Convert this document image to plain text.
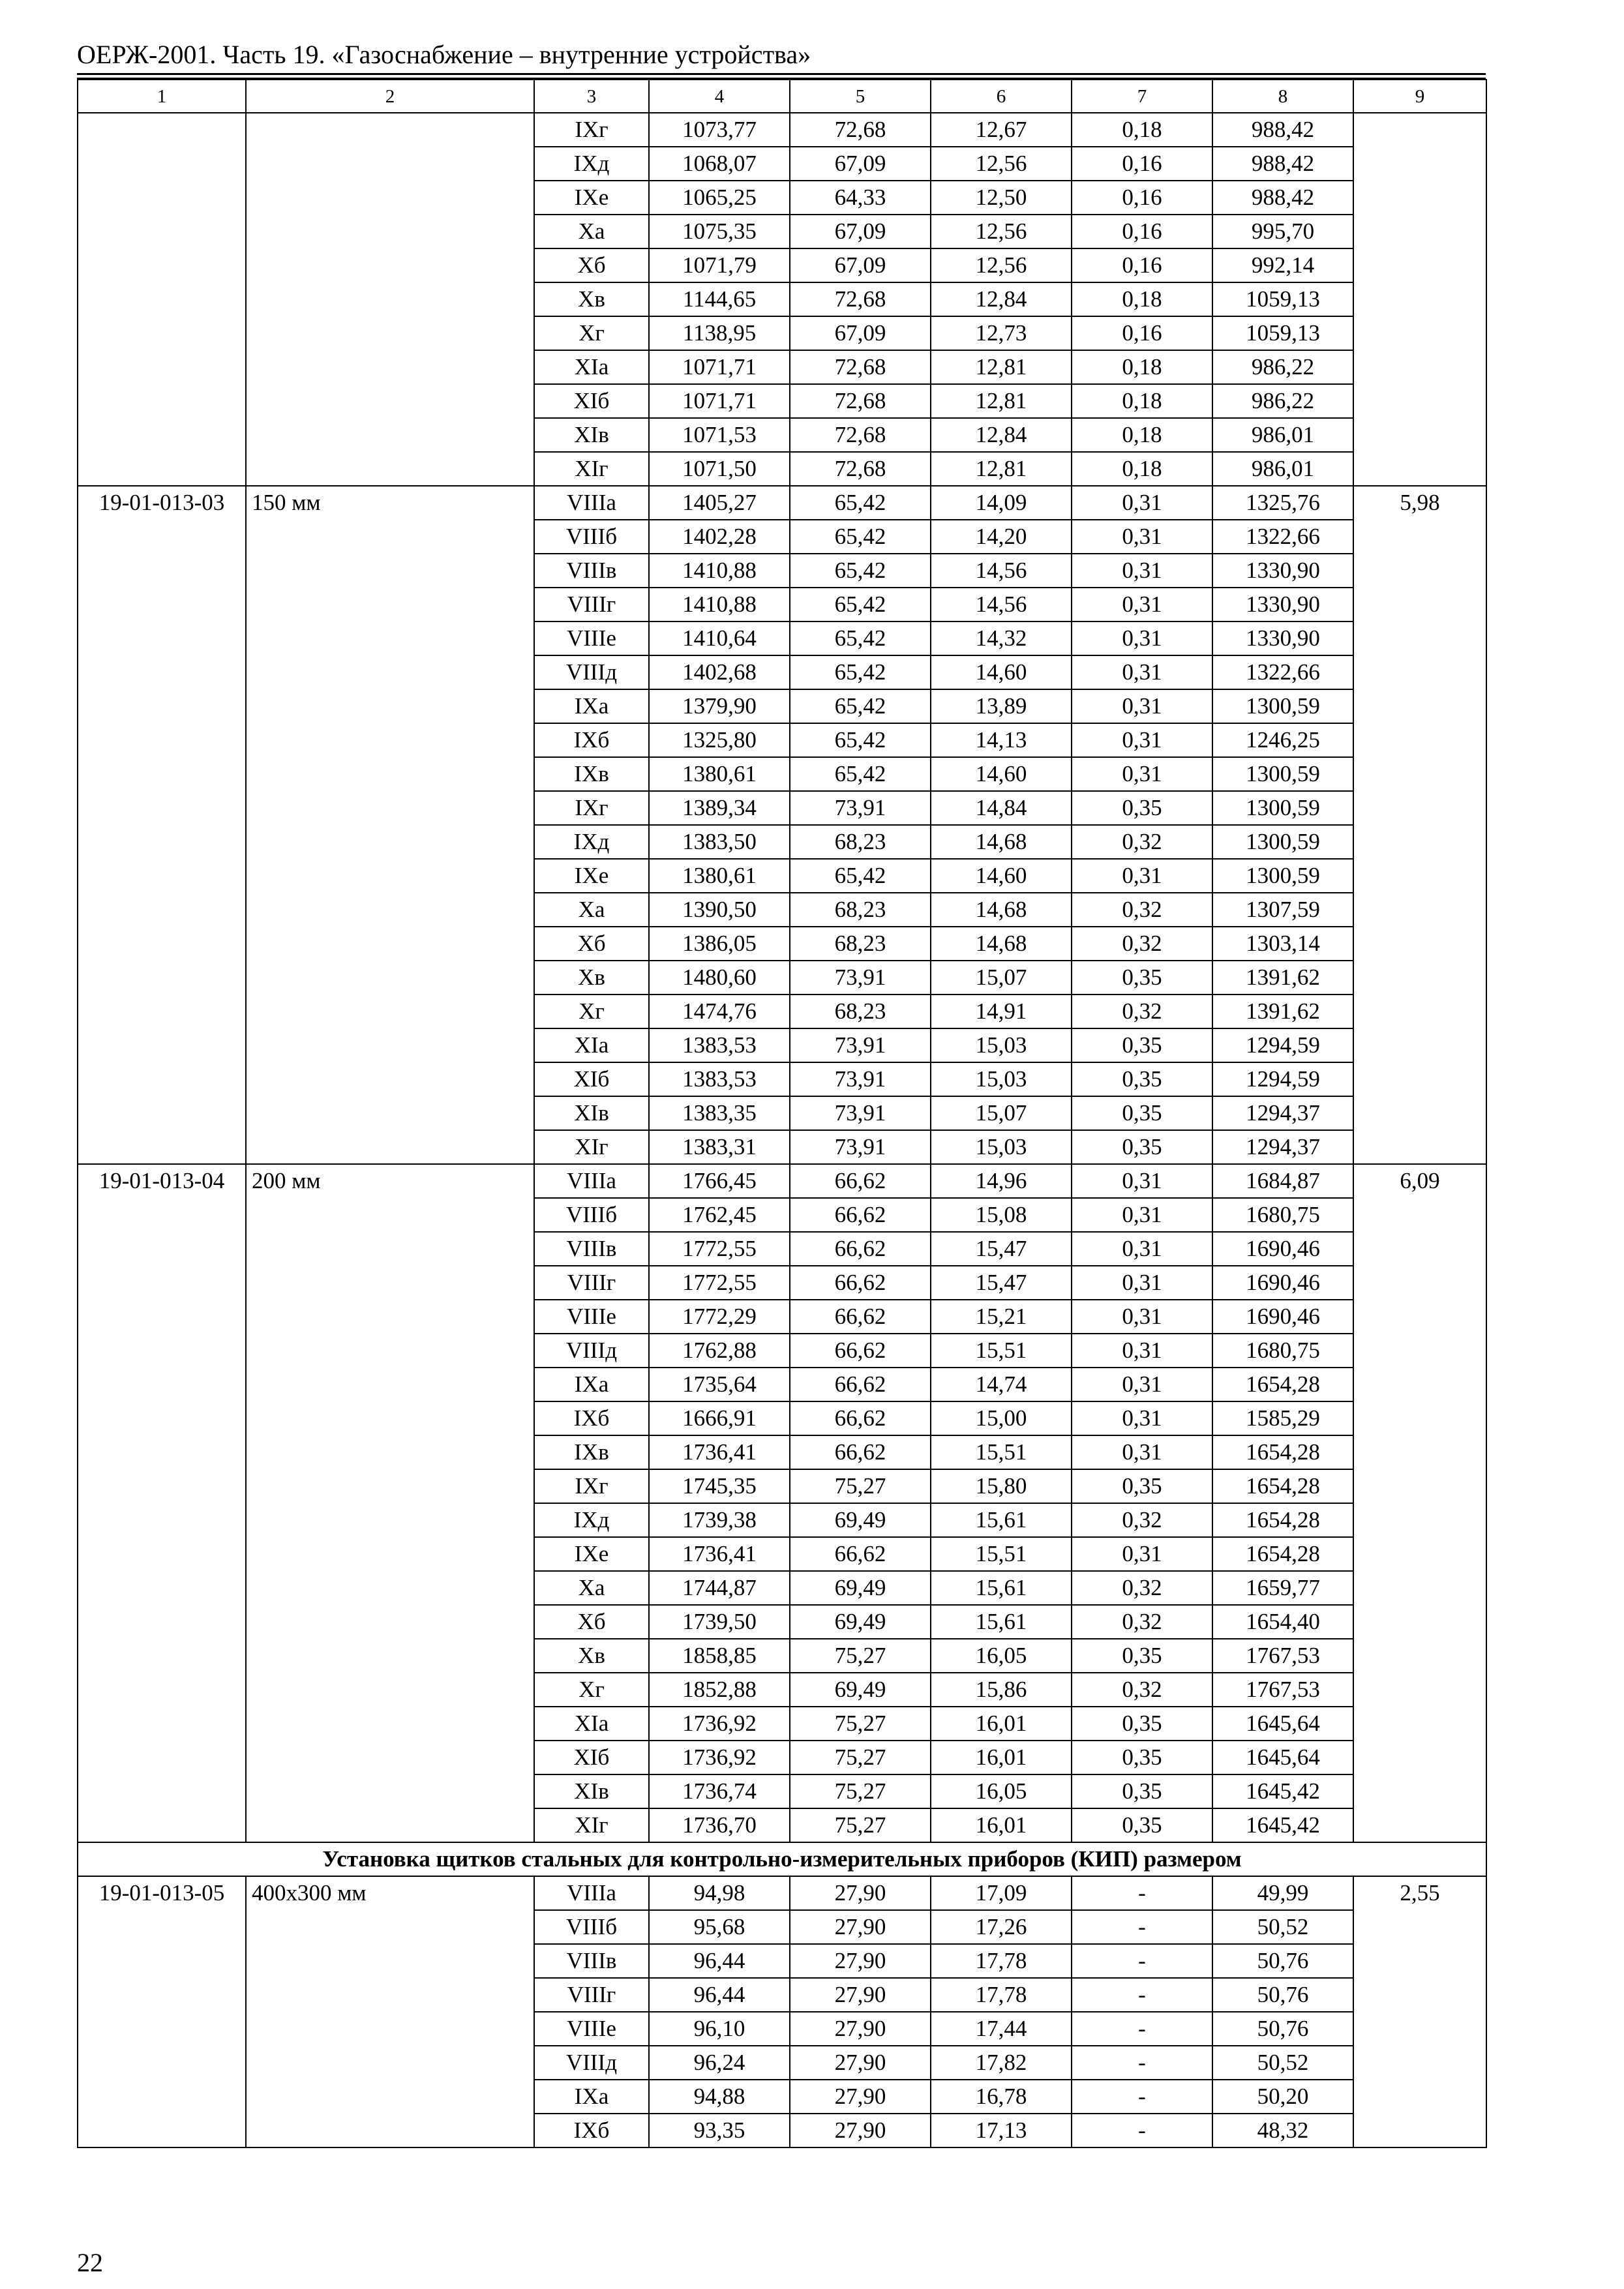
ОЕРЖ-2001. Часть 19. «Газоснабжение – внутренние устройства»
1	2	3	4	5	6	7	8	9
		IXг	1073,77	72,68	12,67	0,18	988,42	
		IXд	1068,07	67,09	12,56	0,16	988,42	
		IXе	1065,25	64,33	12,50	0,16	988,42	
		Xа	1075,35	67,09	12,56	0,16	995,70	
		Xб	1071,79	67,09	12,56	0,16	992,14	
		Xв	1144,65	72,68	12,84	0,18	1059,13	
		Xг	1138,95	67,09	12,73	0,16	1059,13	
		XIа	1071,71	72,68	12,81	0,18	986,22	
		XIб	1071,71	72,68	12,81	0,18	986,22	
		XIв	1071,53	72,68	12,84	0,18	986,01	
		XIг	1071,50	72,68	12,81	0,18	986,01	
19-01-013-03	150 мм	VIIIа	1405,27	65,42	14,09	0,31	1325,76	5,98
		VIIIб	1402,28	65,42	14,20	0,31	1322,66	
		VIIIв	1410,88	65,42	14,56	0,31	1330,90	
		VIIIг	1410,88	65,42	14,56	0,31	1330,90	
		VIIIе	1410,64	65,42	14,32	0,31	1330,90	
		VIIIд	1402,68	65,42	14,60	0,31	1322,66	
		IXа	1379,90	65,42	13,89	0,31	1300,59	
		IXб	1325,80	65,42	14,13	0,31	1246,25	
		IXв	1380,61	65,42	14,60	0,31	1300,59	
		IXг	1389,34	73,91	14,84	0,35	1300,59	
		IXд	1383,50	68,23	14,68	0,32	1300,59	
		IXе	1380,61	65,42	14,60	0,31	1300,59	
		Xа	1390,50	68,23	14,68	0,32	1307,59	
		Xб	1386,05	68,23	14,68	0,32	1303,14	
		Xв	1480,60	73,91	15,07	0,35	1391,62	
		Xг	1474,76	68,23	14,91	0,32	1391,62	
		XIа	1383,53	73,91	15,03	0,35	1294,59	
		XIб	1383,53	73,91	15,03	0,35	1294,59	
		XIв	1383,35	73,91	15,07	0,35	1294,37	
		XIг	1383,31	73,91	15,03	0,35	1294,37	
19-01-013-04	200 мм	VIIIа	1766,45	66,62	14,96	0,31	1684,87	6,09
		VIIIб	1762,45	66,62	15,08	0,31	1680,75	
		VIIIв	1772,55	66,62	15,47	0,31	1690,46	
		VIIIг	1772,55	66,62	15,47	0,31	1690,46	
		VIIIе	1772,29	66,62	15,21	0,31	1690,46	
		VIIIд	1762,88	66,62	15,51	0,31	1680,75	
		IXа	1735,64	66,62	14,74	0,31	1654,28	
		IXб	1666,91	66,62	15,00	0,31	1585,29	
		IXв	1736,41	66,62	15,51	0,31	1654,28	
		IXг	1745,35	75,27	15,80	0,35	1654,28	
		IXд	1739,38	69,49	15,61	0,32	1654,28	
		IXе	1736,41	66,62	15,51	0,31	1654,28	
		Xа	1744,87	69,49	15,61	0,32	1659,77	
		Xб	1739,50	69,49	15,61	0,32	1654,40	
		Xв	1858,85	75,27	16,05	0,35	1767,53	
		Xг	1852,88	69,49	15,86	0,32	1767,53	
		XIа	1736,92	75,27	16,01	0,35	1645,64	
		XIб	1736,92	75,27	16,01	0,35	1645,64	
		XIв	1736,74	75,27	16,05	0,35	1645,42	
		XIг	1736,70	75,27	16,01	0,35	1645,42	
Установка щитков стальных для контрольно-измерительных приборов (КИП) размером								
19-01-013-05	400х300 мм	VIIIа	94,98	27,90	17,09	-	49,99	2,55
		VIIIб	95,68	27,90	17,26	-	50,52	
		VIIIв	96,44	27,90	17,78	-	50,76	
		VIIIг	96,44	27,90	17,78	-	50,76	
		VIIIе	96,10	27,90	17,44	-	50,76	
		VIIIд	96,24	27,90	17,82	-	50,52	
		IXа	94,88	27,90	16,78	-	50,20	
		IXб	93,35	27,90	17,13	-	48,32	
22
